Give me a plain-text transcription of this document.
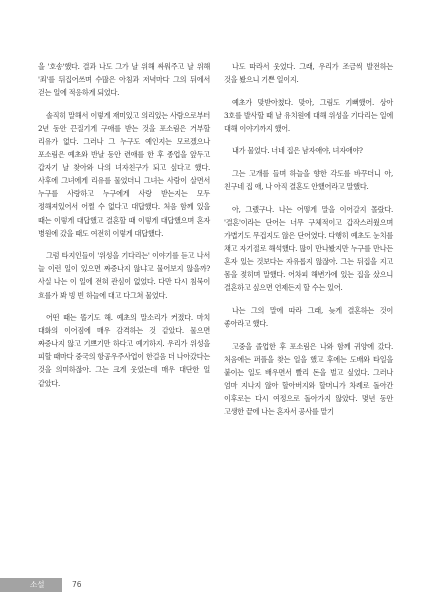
을 '호송'했다. 결과 나도 그가 날 위해 싸워주고 날 위해 '죄'를 뒤집어쓰며 수많은 아침과 저녁마다 그의 뒤에서 걷는 일에 적응하게 되었다.

솔직히 말해서 이렇게 재미있고 의리있는 사람으로부터 2년 동안 끈질기게 구애를 받는 것을 포소림은 거부할 리유가 없다. 그러나 그 누구도 예인지는 모르겠으나 포소림은 예초와 반날 동안 련애를 한 후 종업을 앞두고 갑자기 날 찾아와 나의 녀자친구가 되고 싶다고 했다. 사후에 그녀에게 리유를 물었더니 그녀는 사람이 살면서 누구를 사랑하고 누구에게 사랑 받는지는 모두 정해져있어서 어쩔 수 없다고 대답했다. 처음 함께 있을 때는 이렇게 대답했고 결혼할 때 이렇게 대답했으며 혼자 병원에 갔을 때도 여전히 이렇게 대답했다.

그럼 타지인들이 '위성을 기다리는' 이야기를 듣고 나서 늘 이런 일이 있으면 짜증나지 않냐고 물어보지 않을까? 사실 나는 이 일에 전혀 관심이 없었다. 다만 다시 침묵이 흐를가 봐 빙 빈 하늘에 대고 다그쳐 물었다.

어떤 때는 똘기도 해. 예초의 말소리가 커졌다. 마치 대화의 이어짐에 매우 감격하는 것 같았다. 물으면 짜증나지 않고 기쁘기만 하다고 예기하지. 우리가 위성을 피할 때마다 중국의 항공우주사업이 한걸음 더 나아갔다는 것을 의미하잖아. 그는 크게 웃었는데 매우 대단한 일 같았다.

나도 따라서 웃었다. 그래, 우리가 조금씩 발전하는 것을 봤으니 기쁜 일이지.

예초가 맞받아쳤다. 맞아, 그림도 기뻐했어. 상아 3호를 발사할 때 날 유치원에 대해 위성을 기다리는 일에 대해 이야기까지 했어.

내가 물었다. 너네 집은 남자애야, 녀자애야?

그는 고개를 들며 하늘을 향한 각도를 바꾸더니 아, 친구네 집 애, 나 아직 결혼도 안했어라고 말했다.

아, 그랬구나. 나는 어떻게 말을 이어갈지 몰랐다. '결혼'이라는 단어는 너무 구체적이고 갑작스러웠으며 가볍기도 무겁지도 않은 단어였다. 다행히 예초도 눈치를 채고 자기절로 해석했다. 많이 만나봤지만 누구를 만나든 혼자 있는 것보다는 자유롭지 않잖아. 그는 뒤집을 지고 몸을 젖히며 말했다. 어차피 해변가에 있는 집을 샀으니 결혼하고 싶으면 언제든지 할 수는 있어.

나는 그의 말에 따라 그래, 늦게 결혼하는 것이 좋아라고 했다.

고중을 졸업한 후 포소림은 나와 함께 귀양에 갔다. 처음에는 퍼플을 찾는 일을 했고 후에는 도배와 타일을 붙이는 일도 배우면서 빨리 돈을 벌고 싶었다. 그러나 엄마 지나지 않아 할아버지와 할머니가 차례로 돌아간 이후로는 다시 여정으로 돌아가지 않았다. 몇년 동안 고생한 끝에 나는 혼자서 공사를 맡기

소설	76
